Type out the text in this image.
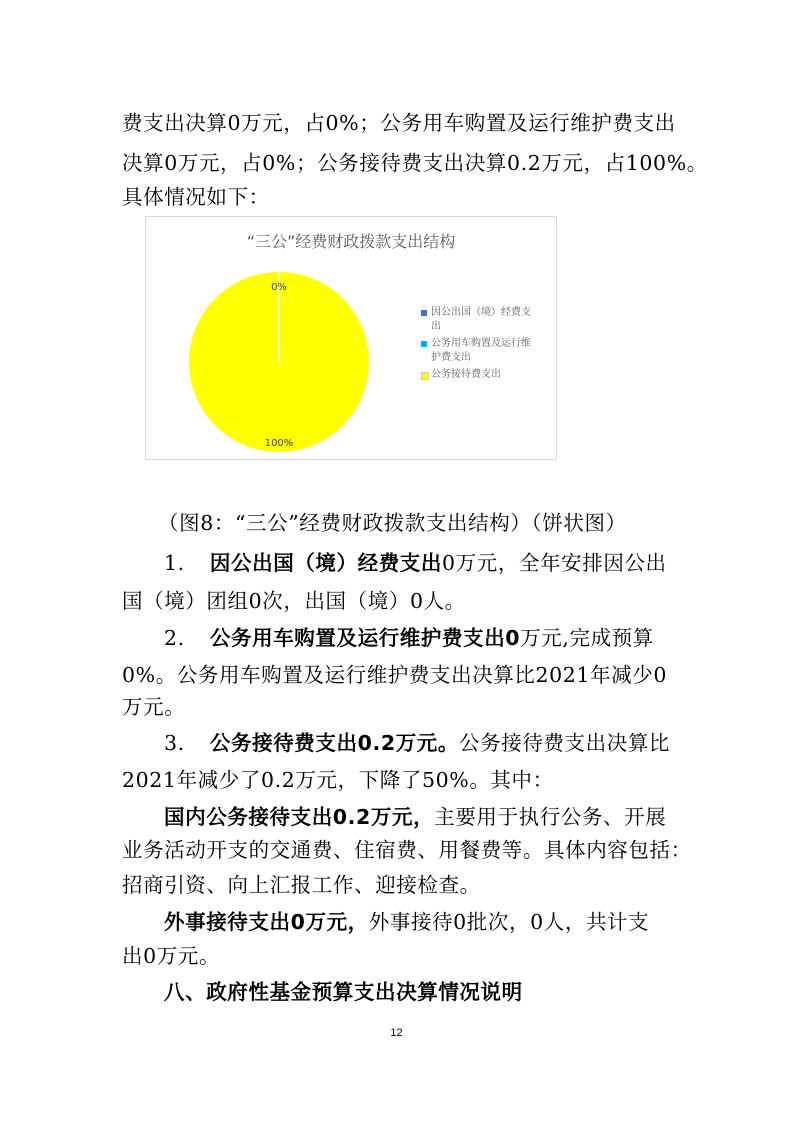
费支出决算0万元，占0%；公务用车购置及运行维护费支出
决算0万元，占0%；公务接待费支出决算0.2万元，占100%。
具体情况如下：
0%
100%
“三公”经费财政拨款支出结构
因公出国（境）经费支
出
公务用车购置及运行维
护费支出
公务接待费支出
（图8：“三公”经费财政拨款支出结构）（饼状图）
1. 因公出国（境）经费支出0万元，全年安排因公出
国（境）团组0次，出国（境）0人。
2. 公务用车购置及运行维护费支出0万元,完成预算
0%。公务用车购置及运行维护费支出决算比2021年减少0
万元。
3. 公务接待费支出0.2万元。公务接待费支出决算比
2021年减少了0.2万元，下降了50%。其中：
国内公务接待支出0.2万元，主要用于执行公务、开展
业务活动开支的交通费、住宿费、用餐费等。具体内容包括：
招商引资、向上汇报工作、迎接检查。
外事接待支出0万元，外事接待0批次，0人，共计支
出0万元。
八、政府性基金预算支出决算情况说明
12
